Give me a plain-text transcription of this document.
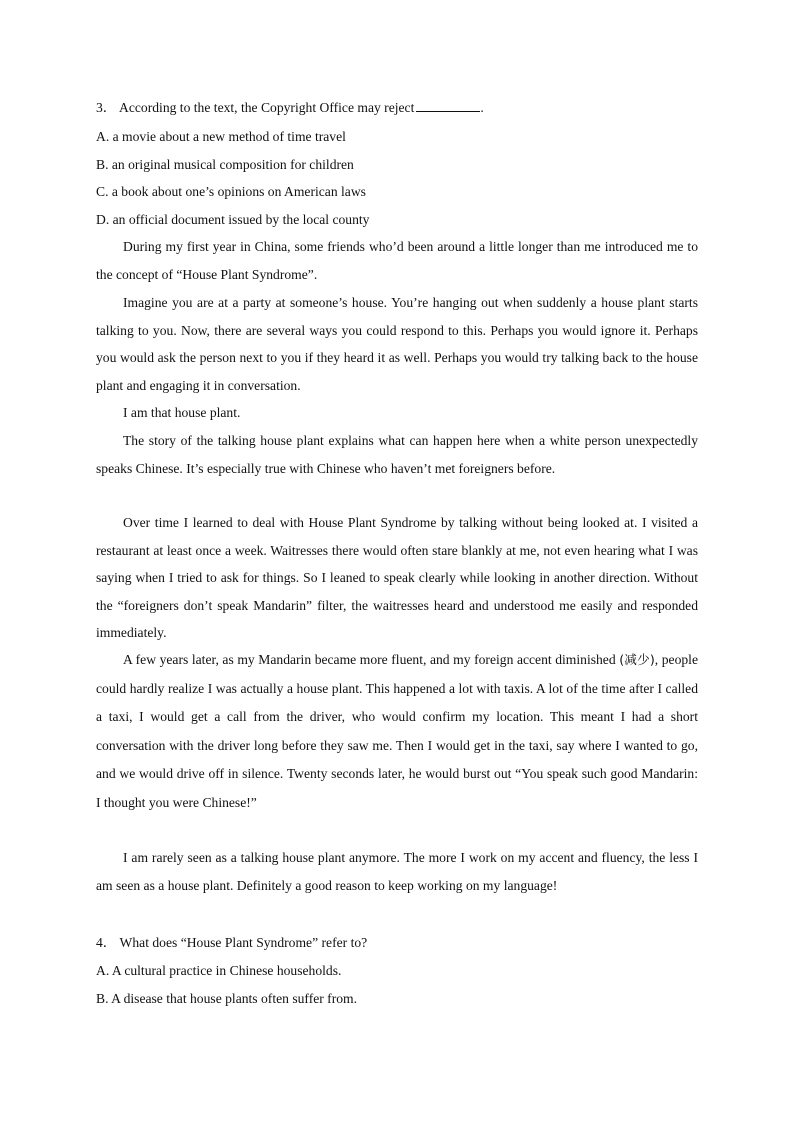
3． According to the text, the Copyright Office may reject	.
A. a movie about a new method of time travel
B. an original musical composition for children
C. a book about one’s opinions on American laws
D. an official document issued by the local county
During my first year in China, some friends who’d been around a little longer than me introduced me to the concept of “House Plant Syndrome”.
Imagine you are at a party at someone’s house. You’re hanging out when suddenly a house plant starts talking to you. Now, there are several ways you could respond to this. Perhaps you would ignore it. Perhaps you would ask the person next to you if they heard it as well. Perhaps you would try talking back to the house plant and engaging it in conversation.
I am that house plant.
The story of the talking house plant explains what can happen here when a white person unexpectedly speaks Chinese. It’s especially true with Chinese who haven’t met foreigners before.
Over time I learned to deal with House Plant Syndrome by talking without being looked at. I visited a restaurant at least once a week. Waitresses there would often stare blankly at me, not even hearing what I was saying when I tried to ask for things. So I leaned to speak clearly while looking in another direction. Without the “foreigners don’t speak Mandarin” filter, the waitresses heard and understood me easily and responded immediately.
A few years later, as my Mandarin became more fluent, and my foreign accent diminished (减少), people could hardly realize I was actually a house plant. This happened a lot with taxis. A lot of the time after I called a taxi, I would get a call from the driver, who would confirm my location. This meant I had a short conversation with the driver long before they saw me. Then I would get in the taxi, say where I wanted to go, and we would drive off in silence. Twenty seconds later, he would burst out “You speak such good Mandarin: I thought you were Chinese!”
I am rarely seen as a talking house plant anymore. The more I work on my accent and fluency, the less I am seen as a house plant. Definitely a good reason to keep working on my language!
4． What does “House Plant Syndrome” refer to?
A. A cultural practice in Chinese households.
B. A disease that house plants often suffer from.
